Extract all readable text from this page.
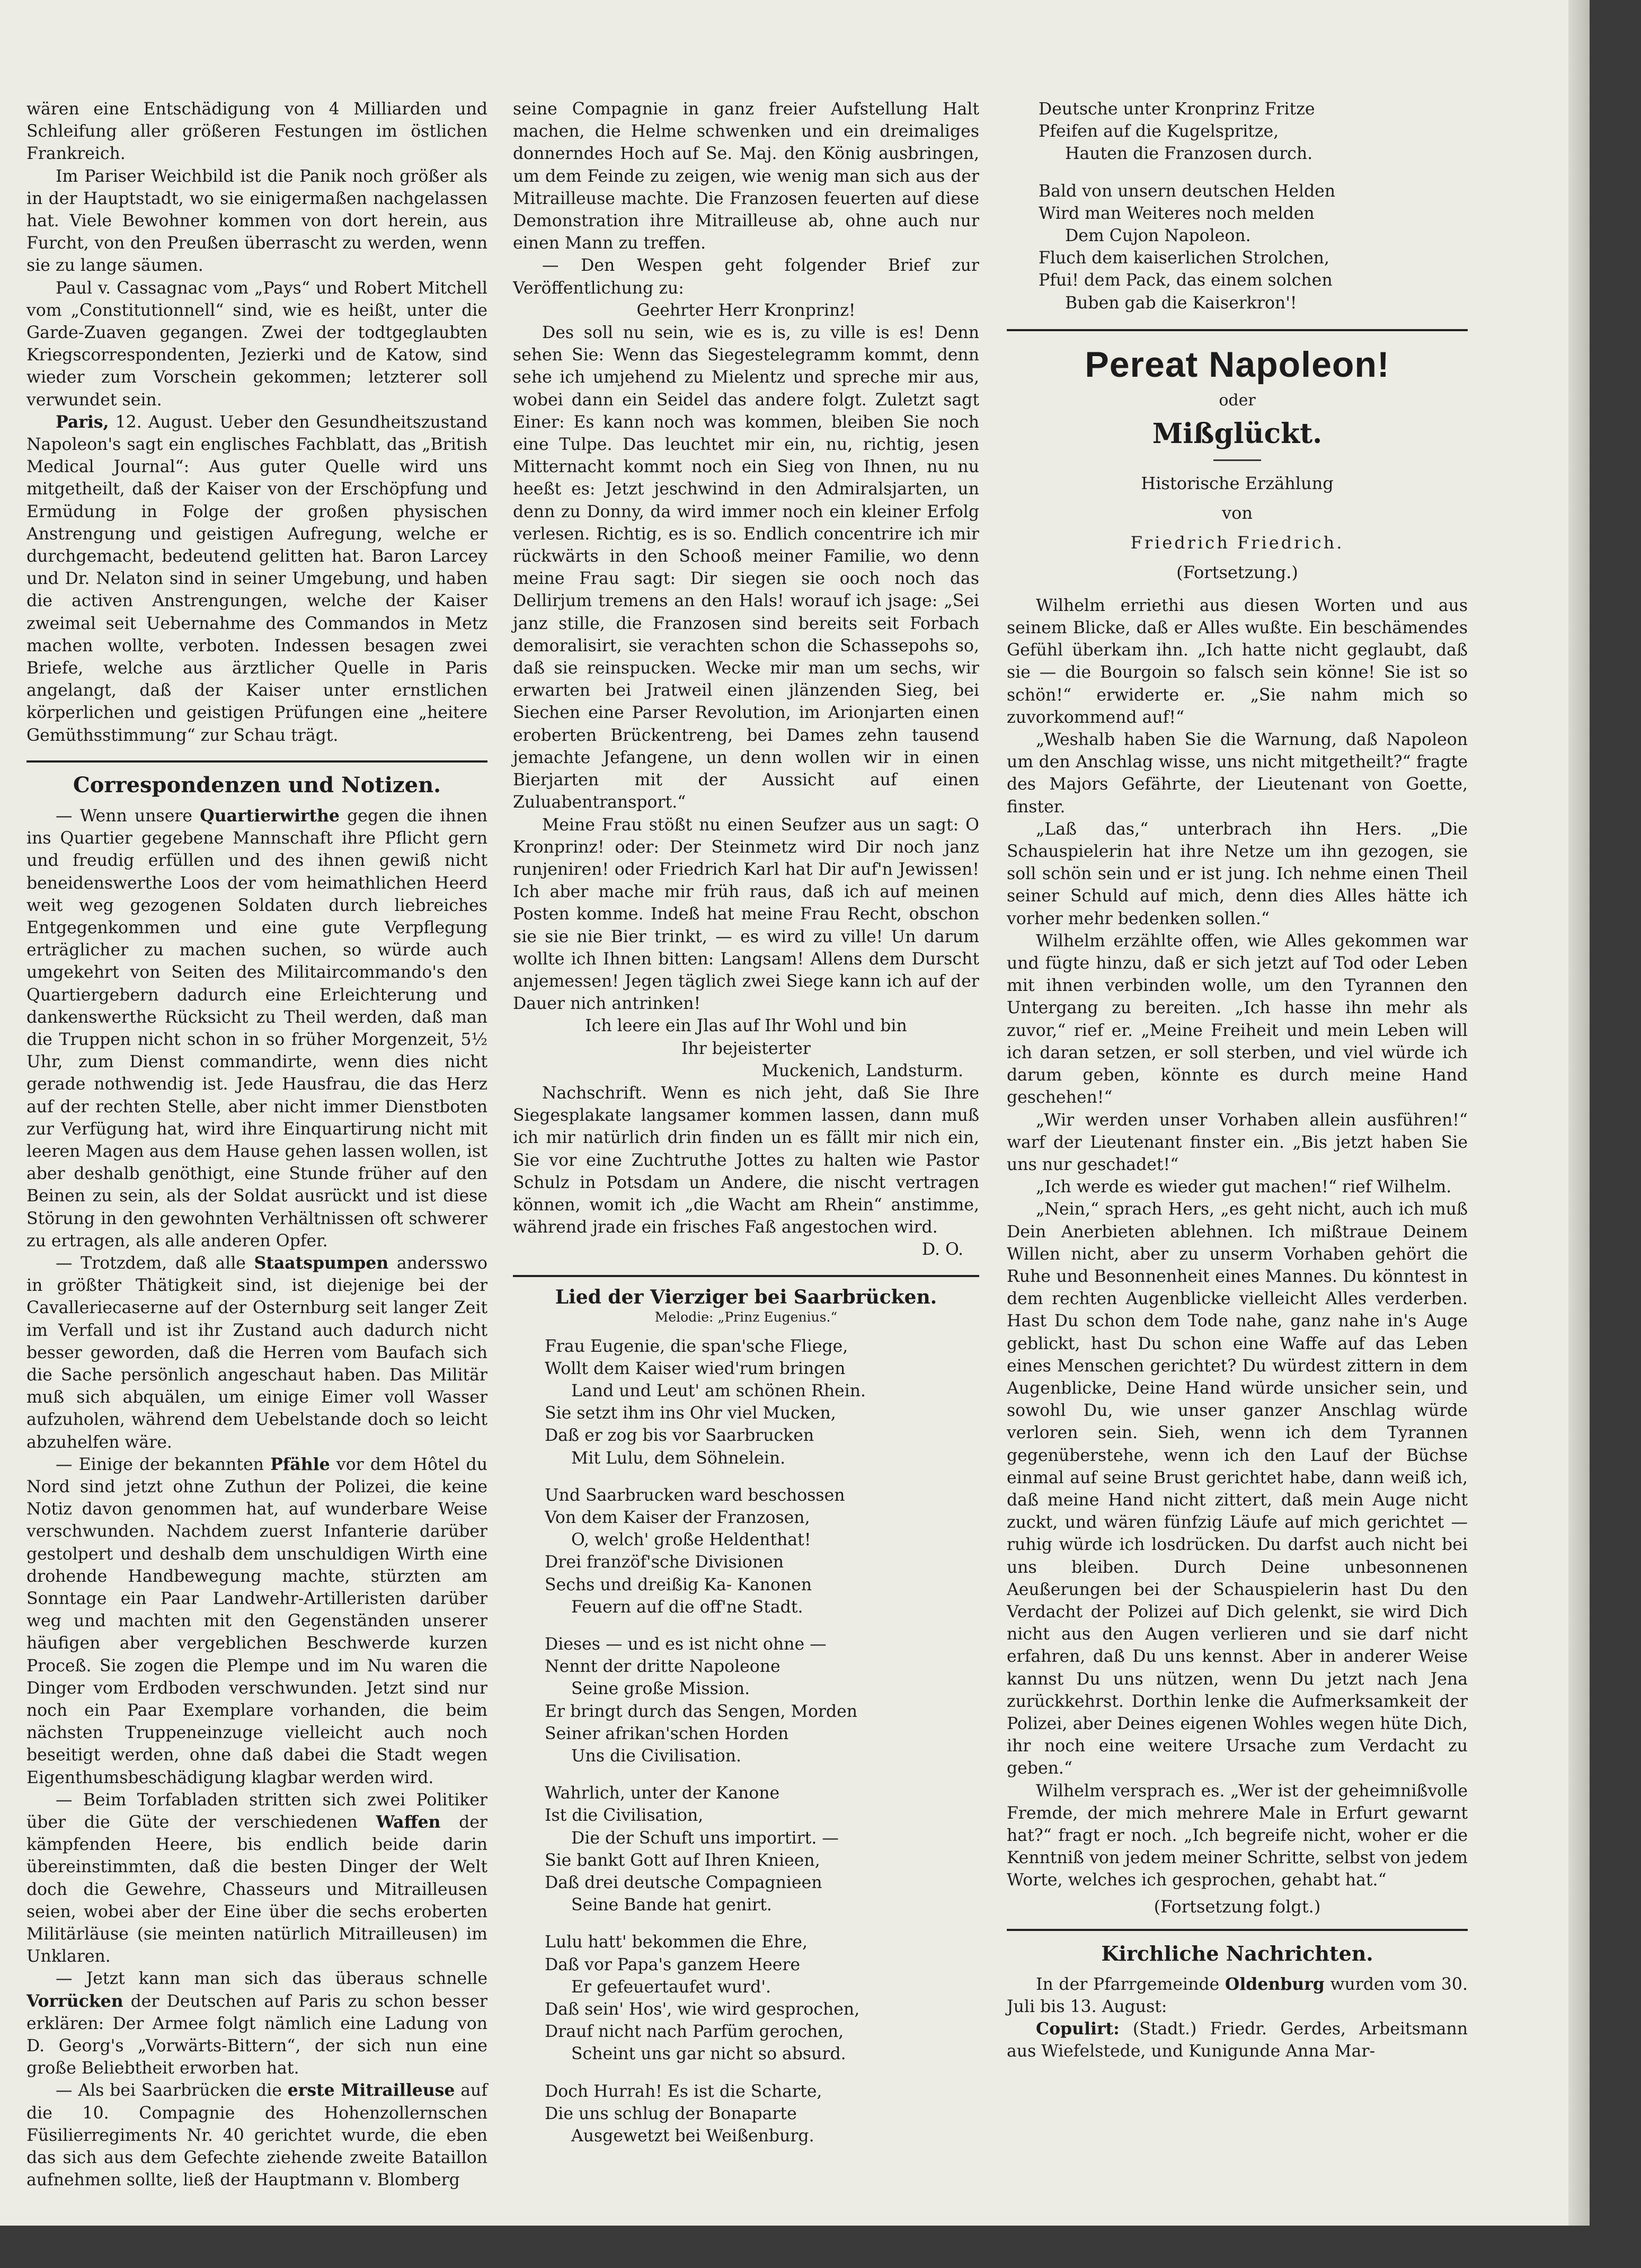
wären eine Entschädigung von 4 Milliarden und Schleifung aller größeren Festungen im östlichen Frankreich.

Im Pariser Weichbild ist die Panik noch größer als in der Hauptstadt, wo sie einigermaßen nachgelassen hat. Viele Bewohner kommen von dort herein, aus Furcht, von den Preußen überrascht zu werden, wenn sie zu lange säumen.

Paul v. Cassagnac vom „Pays“ und Robert Mitchell vom „Constitutionnell“ sind, wie es heißt, unter die Garde-Zuaven gegangen. Zwei der todtgeglaubten Kriegscorrespondenten, Jezierki und de Katow, sind wieder zum Vorschein gekommen; letzterer soll verwundet sein.

Paris, 12. August. Ueber den Gesundheitszustand Napoleon's sagt ein englisches Fachblatt, das „British Medical Journal“: Aus guter Quelle wird uns mitgetheilt, daß der Kaiser von der Erschöpfung und Ermüdung in Folge der großen physischen Anstrengung und geistigen Aufregung, welche er durchgemacht, bedeutend gelitten hat. Baron Larcey und Dr. Nelaton sind in seiner Umgebung, und haben die activen Anstrengungen, welche der Kaiser zweimal seit Uebernahme des Commandos in Metz machen wollte, verboten. Indessen besagen zwei Briefe, welche aus ärztlicher Quelle in Paris angelangt, daß der Kaiser unter ernstlichen körperlichen und geistigen Prüfungen eine „heitere Gemüthsstimmung“ zur Schau trägt.

Correspondenzen und Notizen.

— Wenn unsere Quartierwirthe gegen die ihnen ins Quartier gegebene Mannschaft ihre Pflicht gern und freudig erfüllen und des ihnen gewiß nicht beneidenswerthe Loos der vom heimathlichen Heerd weit weg gezogenen Soldaten durch liebreiches Entgegenkommen und eine gute Verpflegung erträglicher zu machen suchen, so würde auch umgekehrt von Seiten des Militaircommando's den Quartiergebern dadurch eine Erleichterung und dankenswerthe Rücksicht zu Theil werden, daß man die Truppen nicht schon in so früher Morgenzeit, 5½ Uhr, zum Dienst commandirte, wenn dies nicht gerade nothwendig ist. Jede Hausfrau, die das Herz auf der rechten Stelle, aber nicht immer Dienstboten zur Verfügung hat, wird ihre Einquartirung nicht mit leeren Magen aus dem Hause gehen lassen wollen, ist aber deshalb genöthigt, eine Stunde früher auf den Beinen zu sein, als der Soldat ausrückt und ist diese Störung in den gewohnten Verhältnissen oft schwerer zu ertragen, als alle anderen Opfer.

— Trotzdem, daß alle Staatspumpen andersswo in größter Thätigkeit sind, ist diejenige bei der Cavalleriecaserne auf der Osternburg seit langer Zeit im Verfall und ist ihr Zustand auch dadurch nicht besser geworden, daß die Herren vom Baufach sich die Sache persönlich angeschaut haben. Das Militär muß sich abquälen, um einige Eimer voll Wasser aufzuholen, während dem Uebelstande doch so leicht abzuhelfen wäre.

— Einige der bekannten Pfähle vor dem Hôtel du Nord sind jetzt ohne Zuthun der Polizei, die keine Notiz davon genommen hat, auf wunderbare Weise verschwunden. Nachdem zuerst Infanterie darüber gestolpert und deshalb dem unschuldigen Wirth eine drohende Handbewegung machte, stürzten am Sonntage ein Paar Landwehr-Artilleristen darüber weg und machten mit den Gegenständen unserer häufigen aber vergeblichen Beschwerde kurzen Proceß. Sie zogen die Plempe und im Nu waren die Dinger vom Erdboden verschwunden. Jetzt sind nur noch ein Paar Exemplare vorhanden, die beim nächsten Truppeneinzuge vielleicht auch noch beseitigt werden, ohne daß dabei die Stadt wegen Eigenthumsbeschädigung klagbar werden wird.

— Beim Torfabladen stritten sich zwei Politiker über die Güte der verschiedenen Waffen der kämpfenden Heere, bis endlich beide darin übereinstimmten, daß die besten Dinger der Welt doch die Gewehre, Chasseurs und Mitrailleusen seien, wobei aber der Eine über die sechs eroberten Militärläuse (sie meinten natürlich Mitrailleusen) im Unklaren.

— Jetzt kann man sich das überaus schnelle Vorrücken der Deutschen auf Paris zu schon besser erklären: Der Armee folgt nämlich eine Ladung von D. Georg's „Vorwärts-Bittern“, der sich nun eine große Beliebtheit erworben hat.

— Als bei Saarbrücken die erste Mitrailleuse auf die 10. Compagnie des Hohenzollernschen Füsilierregiments Nr. 40 gerichtet wurde, die eben das sich aus dem Gefechte ziehende zweite Bataillon aufnehmen sollte, ließ der Hauptmann v. Blomberg

seine Compagnie in ganz freier Aufstellung Halt machen, die Helme schwenken und ein dreimaliges donnerndes Hoch auf Se. Maj. den König ausbringen, um dem Feinde zu zeigen, wie wenig man sich aus der Mitrailleuse machte. Die Franzosen feuerten auf diese Demonstration ihre Mitrailleuse ab, ohne auch nur einen Mann zu treffen.

— Den Wespen geht folgender Brief zur Veröffentlichung zu:

Geehrter Herr Kronprinz!

Des soll nu sein, wie es is, zu ville is es! Denn sehen Sie: Wenn das Siegestelegramm kommt, denn sehe ich umjehend zu Mielentz und spreche mir aus, wobei dann ein Seidel das andere folgt. Zuletzt sagt Einer: Es kann noch was kommen, bleiben Sie noch eine Tulpe. Das leuchtet mir ein, nu, richtig, jesen Mitternacht kommt noch ein Sieg von Ihnen, nu nu heeßt es: Jetzt jeschwind in den Admiralsjarten, un denn zu Donny, da wird immer noch ein kleiner Erfolg verlesen. Richtig, es is so. Endlich concentrire ich mir rückwärts in den Schooß meiner Familie, wo denn meine Frau sagt: Dir siegen sie ooch noch das Dellirjum tremens an den Hals! worauf ich jsage: „Sei janz stille, die Franzosen sind bereits seit Forbach demoralisirt, sie verachten schon die Schassepohs so, daß sie reinspucken. Wecke mir man um sechs, wir erwarten bei Jratweil einen jlänzenden Sieg, bei Siechen eine Parser Revolution, im Arionjarten einen eroberten Brückentreng, bei Dames zehn tausend jemachte Jefangene, un denn wollen wir in einen Bierjarten mit der Aussicht auf einen Zuluabentransport.“

Meine Frau stößt nu einen Seufzer aus un sagt: O Kronprinz! oder: Der Steinmetz wird Dir noch janz runjeniren! oder Friedrich Karl hat Dir auf'n Jewissen! Ich aber mache mir früh raus, daß ich auf meinen Posten komme. Indeß hat meine Frau Recht, obschon sie sie nie Bier trinkt, — es wird zu ville! Un darum wollte ich Ihnen bitten: Langsam! Allens dem Durscht anjemessen! Jegen täglich zwei Siege kann ich auf der Dauer nich antrinken!

Ich leere ein Jlas auf Ihr Wohl und bin

Ihr bejeisterter

Muckenich, Landsturm.

Nachschrift. Wenn es nich jeht, daß Sie Ihre Siegesplakate langsamer kommen lassen, dann muß ich mir natürlich drin finden un es fällt mir nich ein, Sie vor eine Zuchtruthe Jottes zu halten wie Pastor Schulz in Potsdam un Andere, die nischt vertragen können, womit ich „die Wacht am Rhein“ anstimme, während jrade ein frisches Faß angestochen wird.

D. O.

Lied der Vierziger bei Saarbrücken.
Melodie: „Prinz Eugenius.“
Frau Eugenie, die span'sche Fliege,
Wollt dem Kaiser wied'rum bringen
Land und Leut' am schönen Rhein.
Sie setzt ihm ins Ohr viel Mucken,
Daß er zog bis vor Saarbrucken
Mit Lulu, dem Söhnelein.
Und Saarbrucken ward beschossen
Von dem Kaiser der Franzosen,
O, welch' große Heldenthat!
Drei franzöf'sche Divisionen
Sechs und dreißig Ka- Kanonen
Feuern auf die off'ne Stadt.
Dieses — und es ist nicht ohne —
Nennt der dritte Napoleone
Seine große Mission.
Er bringt durch das Sengen, Morden
Seiner afrikan'schen Horden
Uns die Civilisation.
Wahrlich, unter der Kanone
Ist die Civilisation,
Die der Schuft uns importirt. —
Sie bankt Gott auf Ihren Knieen,
Daß drei deutsche Compagnieen
Seine Bande hat genirt.
Lulu hatt' bekommen die Ehre,
Daß vor Papa's ganzem Heere
Er gefeuertaufet wurd'.
Daß sein' Hos', wie wird gesprochen,
Drauf nicht nach Parfüm gerochen,
Scheint uns gar nicht so absurd.
Doch Hurrah! Es ist die Scharte,
Die uns schlug der Bonaparte
Ausgewetzt bei Weißenburg.
Deutsche unter Kronprinz Fritze
Pfeifen auf die Kugelspritze,
Hauten die Franzosen durch.
Bald von unsern deutschen Helden
Wird man Weiteres noch melden
Dem Cujon Napoleon.
Fluch dem kaiserlichen Strolchen,
Pfui! dem Pack, das einem solchen
Buben gab die Kaiserkron'!
Pereat Napoleon!
oder
Mißglückt.
Historische Erzählung
von
Friedrich Friedrich.
(Fortsetzung.)

Wilhelm erriethi aus diesen Worten und aus seinem Blicke, daß er Alles wußte. Ein beschämendes Gefühl überkam ihn. „Ich hatte nicht geglaubt, daß sie — die Bourgoin so falsch sein könne! Sie ist so schön!“ erwiderte er. „Sie nahm mich so zuvorkommend auf!“

„Weshalb haben Sie die Warnung, daß Napoleon um den Anschlag wisse, uns nicht mitgetheilt?“ fragte des Majors Gefährte, der Lieutenant von Goette, finster.

„Laß das,“ unterbrach ihn Hers. „Die Schauspielerin hat ihre Netze um ihn gezogen, sie soll schön sein und er ist jung. Ich nehme einen Theil seiner Schuld auf mich, denn dies Alles hätte ich vorher mehr bedenken sollen.“

Wilhelm erzählte offen, wie Alles gekommen war und fügte hinzu, daß er sich jetzt auf Tod oder Leben mit ihnen verbinden wolle, um den Tyrannen den Untergang zu bereiten. „Ich hasse ihn mehr als zuvor,“ rief er. „Meine Freiheit und mein Leben will ich daran setzen, er soll sterben, und viel würde ich darum geben, könnte es durch meine Hand geschehen!“

„Wir werden unser Vorhaben allein ausführen!“ warf der Lieutenant finster ein. „Bis jetzt haben Sie uns nur geschadet!“

„Ich werde es wieder gut machen!“ rief Wilhelm.

„Nein,“ sprach Hers, „es geht nicht, auch ich muß Dein Anerbieten ablehnen. Ich mißtraue Deinem Willen nicht, aber zu unserm Vorhaben gehört die Ruhe und Besonnenheit eines Mannes. Du könntest in dem rechten Augenblicke vielleicht Alles verderben. Hast Du schon dem Tode nahe, ganz nahe in's Auge geblickt, hast Du schon eine Waffe auf das Leben eines Menschen gerichtet? Du würdest zittern in dem Augenblicke, Deine Hand würde unsicher sein, und sowohl Du, wie unser ganzer Anschlag würde verloren sein. Sieh, wenn ich dem Tyrannen gegenüberstehe, wenn ich den Lauf der Büchse einmal auf seine Brust gerichtet habe, dann weiß ich, daß meine Hand nicht zittert, daß mein Auge nicht zuckt, und wären fünfzig Läufe auf mich gerichtet — ruhig würde ich losdrücken. Du darfst auch nicht bei uns bleiben. Durch Deine unbesonnenen Aeußerungen bei der Schauspielerin hast Du den Verdacht der Polizei auf Dich gelenkt, sie wird Dich nicht aus den Augen verlieren und sie darf nicht erfahren, daß Du uns kennst. Aber in anderer Weise kannst Du uns nützen, wenn Du jetzt nach Jena zurückkehrst. Dorthin lenke die Aufmerksamkeit der Polizei, aber Deines eigenen Wohles wegen hüte Dich, ihr noch eine weitere Ursache zum Verdacht zu geben.“

Wilhelm versprach es. „Wer ist der geheimnißvolle Fremde, der mich mehrere Male in Erfurt gewarnt hat?“ fragt er noch. „Ich begreife nicht, woher er die Kenntniß von jedem meiner Schritte, selbst von jedem Worte, welches ich gesprochen, gehabt hat.“

(Fortsetzung folgt.)
Kirchliche Nachrichten.

In der Pfarrgemeinde Oldenburg wurden vom 30. Juli bis 13. August:

Copulirt: (Stadt.) Friedr. Gerdes, Arbeitsmann aus Wiefelstede, und Kunigunde Anna Mar-
